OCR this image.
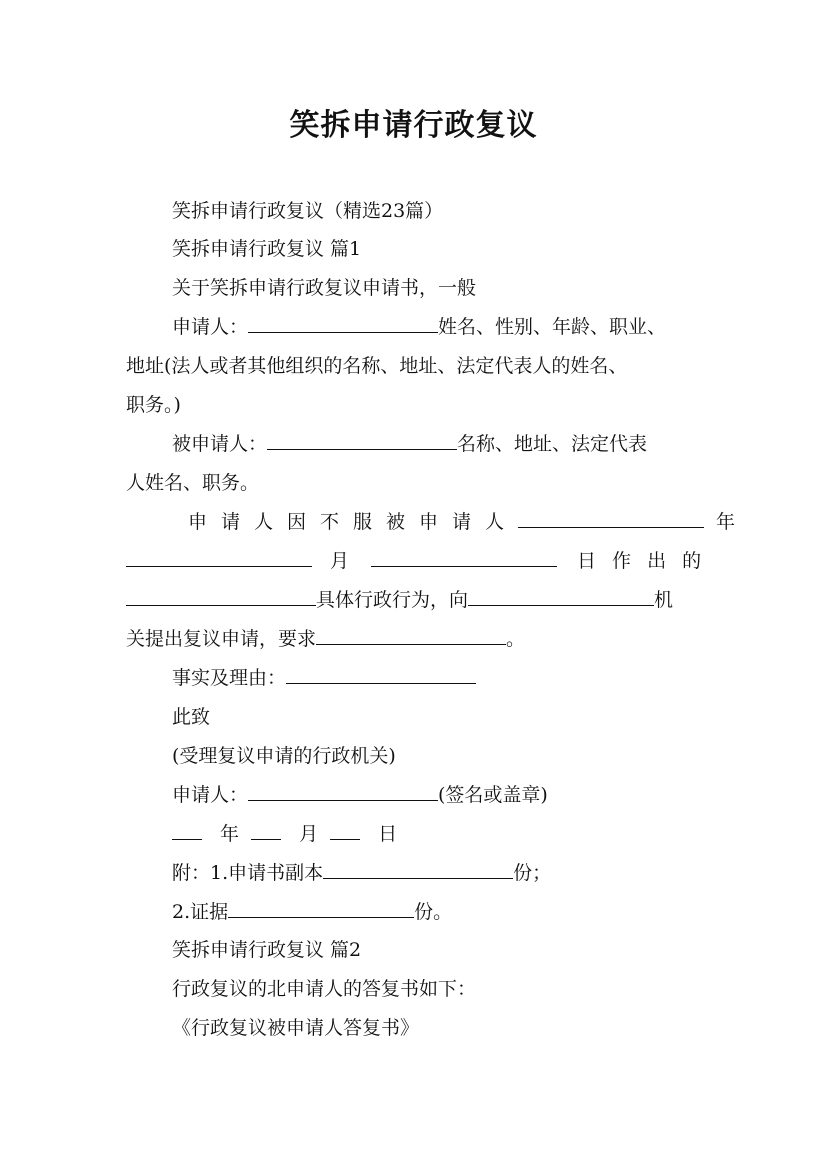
笑拆申请行政复议
笑拆申请行政复议（精选23篇）
笑拆申请行政复议 篇1
关于笑拆申请行政复议申请书，一般
申请人：	姓名、性别、年龄、职业、
地址(法人或者其他组织的名称、地址、法定代表人的姓名、
职务。)
被申请人：	名称、地址、法定代表
人姓名、职务。
申请人因不服被申请人	年
月	日 作 出 的
具体行政行为，向	机
关提出复议申请，要求	。
事实及理由：
此致
(受理复议申请的行政机关)
申请人：	(签名或盖章)
年	月	日
附：1.申请书副本	份；
2.证据	份。
笑拆申请行政复议 篇2
行政复议的北申请人的答复书如下：
《行政复议被申请人答复书》
